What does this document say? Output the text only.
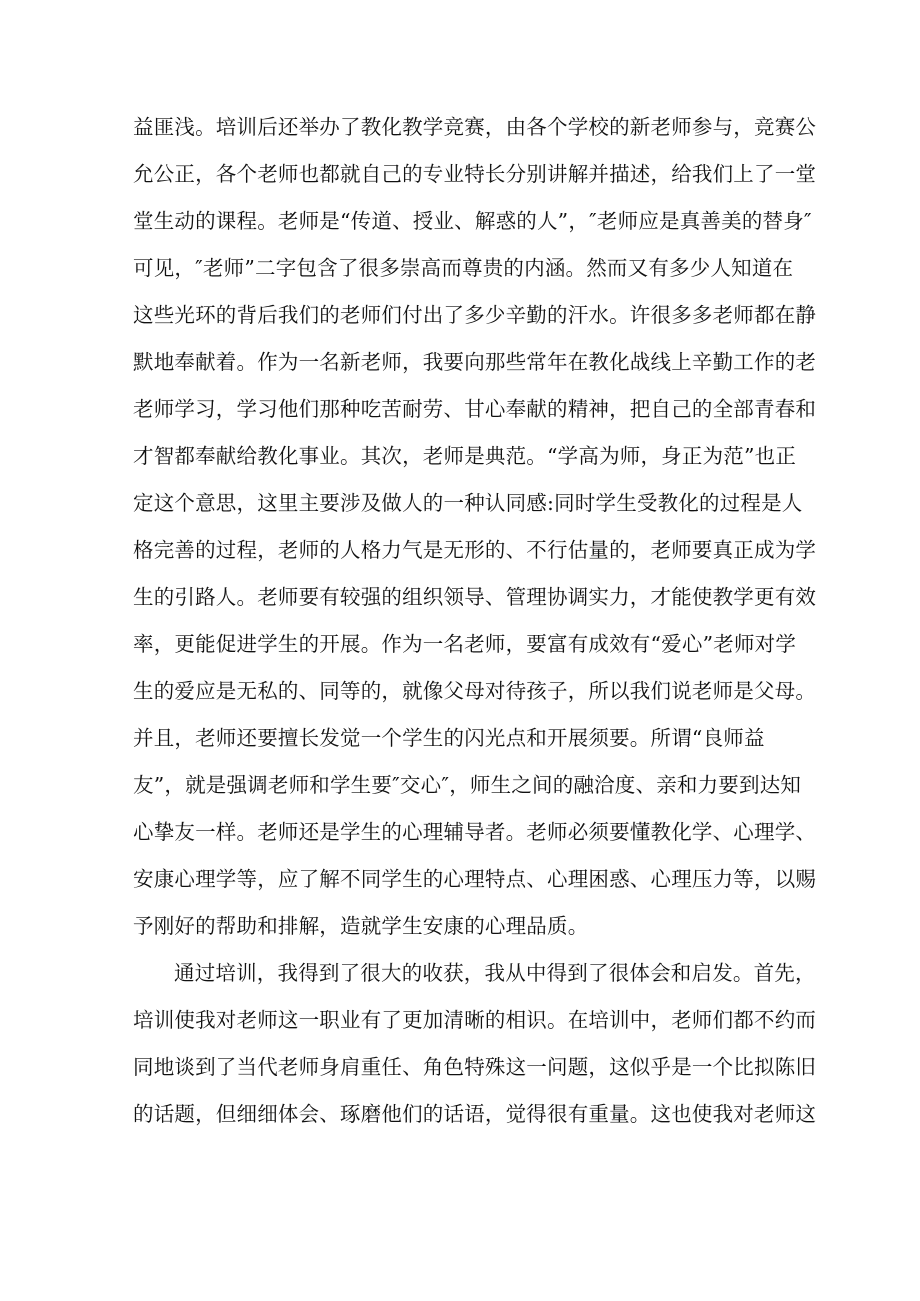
益匪浅。培训后还举办了教化教学竞赛，由各个学校的新老师参与，竞赛公
允公正，各个老师也都就自己的专业特长分别讲解并描述，给我们上了一堂
堂生动的课程。老师是“传道、授业、解惑的人”，″老师应是真善美的替身″
可见，″老师”二字包含了很多崇高而尊贵的内涵。然而又有多少人知道在
这些光环的背后我们的老师们付出了多少辛勤的汗水。许很多多老师都在静
默地奉献着。作为一名新老师，我要向那些常年在教化战线上辛勤工作的老
老师学习，学习他们那种吃苦耐劳、甘心奉献的精神，把自己的全部青春和
才智都奉献给教化事业。其次，老师是典范。“学高为师，身正为范”也正
定这个意思，这里主要涉及做人的一种认同感:同时学生受教化的过程是人
格完善的过程，老师的人格力气是无形的、不行估量的，老师要真正成为学
生的引路人。老师要有较强的组织领导、管理协调实力，才能使教学更有效
率，更能促进学生的开展。作为一名老师，要富有成效有“爱心”老师对学
生的爱应是无私的、同等的，就像父母对待孩子，所以我们说老师是父母。
并且，老师还要擅长发觉一个学生的闪光点和开展须要。所谓“良师益
友”，就是强调老师和学生要″交心″，师生之间的融洽度、亲和力要到达知
心挚友一样。老师还是学生的心理辅导者。老师必须要懂教化学、心理学、
安康心理学等，应了解不同学生的心理特点、心理困惑、心理压力等，以赐
予刚好的帮助和排解，造就学生安康的心理品质。
通过培训，我得到了很大的收获，我从中得到了很体会和启发。首先，
培训使我对老师这一职业有了更加清晰的相识。在培训中，老师们都不约而
同地谈到了当代老师身肩重任、角色特殊这一问题，这似乎是一个比拟陈旧
的话题，但细细体会、琢磨他们的话语，觉得很有重量。这也使我对老师这
